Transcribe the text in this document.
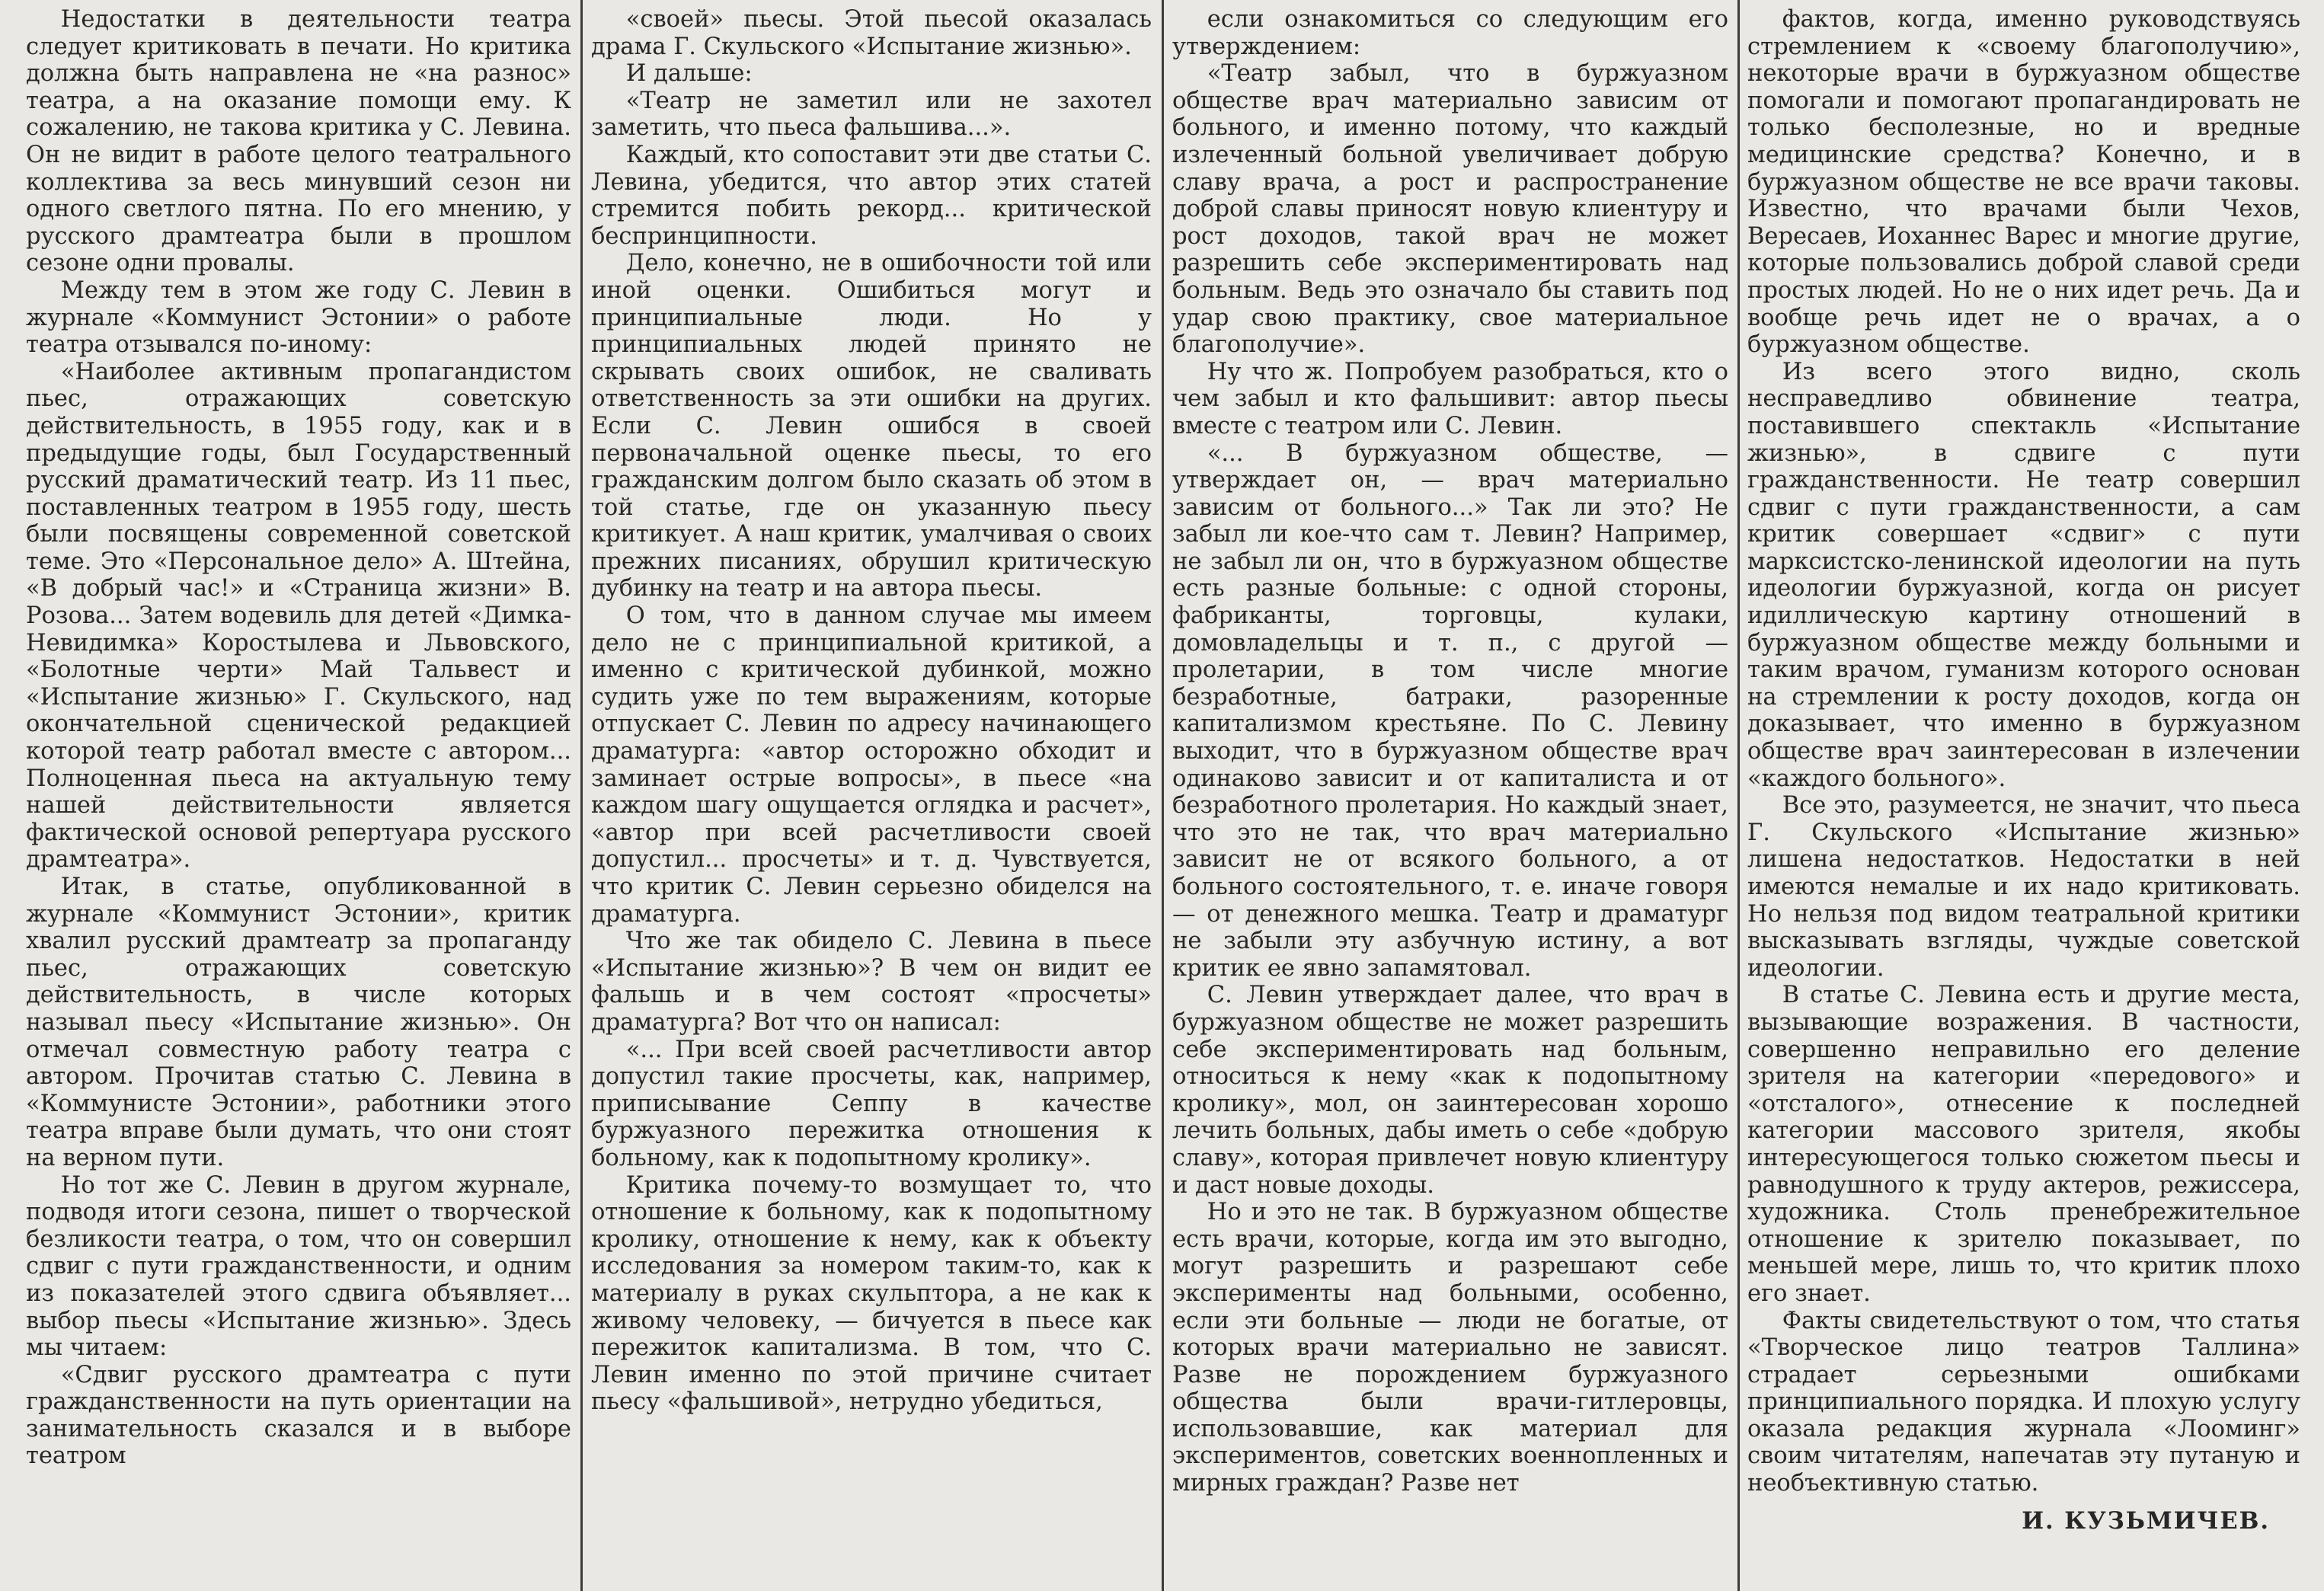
Недостатки в деятельности театра следует критиковать в печати. Но критика должна быть направлена не «на разнос» театра, а на оказание помощи ему. К сожалению, не такова критика у С. Левина. Он не видит в работе целого театрального коллектива за весь минувший сезон ни одного светлого пятна. По его мнению, у русского драмтеатра были в прошлом сезоне одни провалы.

Между тем в этом же году С. Левин в журнале «Коммунист Эстонии» о работе театра отзывался по-иному:

«Наиболее активным пропагандистом пьес, отражающих советскую действительность, в 1955 году, как и в предыдущие годы, был Государственный русский драматический театр. Из 11 пьес, поставленных театром в 1955 году, шесть были посвящены современной советской теме. Это «Персональное дело» А. Штейна, «В добрый час!» и «Страница жизни» В. Розова... Затем водевиль для детей «Димка-Невидимка» Коростылева и Львовского, «Болотные черти» Май Тальвест и «Испытание жизнью» Г. Скульского, над окончательной сценической редакцией которой театр работал вместе с автором... Полноценная пьеса на актуальную тему нашей действительности является фактической основой репертуара русского драмтеатра».

Итак, в статье, опубликованной в журнале «Коммунист Эстонии», критик хвалил русский драмтеатр за пропаганду пьес, отражающих советскую действительность, в числе которых называл пьесу «Испытание жизнью». Он отмечал совместную работу театра с автором. Прочитав статью С. Левина в «Коммунисте Эстонии», работники этого театра вправе были думать, что они стоят на верном пути.

Но тот же С. Левин в другом журнале, подводя итоги сезона, пишет о творческой безликости театра, о том, что он совершил сдвиг с пути гражданственности, и одним из показателей этого сдвига объявляет... выбор пьесы «Испытание жизнью». Здесь мы читаем:

«Сдвиг русского драмтеатра с пути гражданственности на путь ориентации на занимательность сказался и в выборе театром

«своей» пьесы. Этой пьесой оказалась драма Г. Скульского «Испытание жизнью».

И дальше:

«Театр не заметил или не захотел заметить, что пьеса фальшива...».

Каждый, кто сопоставит эти две статьи С. Левина, убедится, что автор этих статей стремится побить рекорд... критической беспринципности.

Дело, конечно, не в ошибочности той или иной оценки. Ошибиться могут и принципиальные люди. Но у принципиальных людей принято не скрывать своих ошибок, не сваливать ответственность за эти ошибки на других. Если С. Левин ошибся в своей первоначальной оценке пьесы, то его гражданским долгом было сказать об этом в той статье, где он указанную пьесу критикует. А наш критик, умалчивая о своих прежних писаниях, обрушил критическую дубинку на театр и на автора пьесы.

О том, что в данном случае мы имеем дело не с принципиальной критикой, а именно с критической дубинкой, можно судить уже по тем выражениям, которые отпускает С. Левин по адресу начинающего драматурга: «автор осторожно обходит и заминает острые вопросы», в пьесе «на каждом шагу ощущается оглядка и расчет», «автор при всей расчетливости своей допустил... просчеты» и т. д. Чувствуется, что критик С. Левин серьезно обиделся на драматурга.

Что же так обидело С. Левина в пьесе «Испытание жизнью»? В чем он видит ее фальшь и в чем состоят «просчеты» драматурга? Вот что он написал:

«... При всей своей расчетливости автор допустил такие просчеты, как, например, приписывание Сеппу в качестве буржуазного пережитка отношения к больному, как к подопытному кролику».

Критика почему-то возмущает то, что отношение к больному, как к подопытному кролику, отношение к нему, как к объекту исследования за номером таким-то, как к материалу в руках скульптора, а не как к живому человеку, — бичуется в пьесе как пережиток капитализма. В том, что С. Левин именно по этой причине считает пьесу «фальшивой», нетрудно убедиться,

если ознакомиться со следующим его утверждением:

«Театр забыл, что в буржуазном обществе врач материально зависим от больного, и именно потому, что каждый излеченный больной увеличивает добрую славу врача, а рост и распространение доброй славы приносят новую клиентуру и рост доходов, такой врач не может разрешить себе экспериментировать над больным. Ведь это означало бы ставить под удар свою практику, свое материальное благополучие».

Ну что ж. Попробуем разобраться, кто о чем забыл и кто фальшивит: автор пьесы вместе с театром или С. Левин.

«... В буржуазном обществе, — утверждает он, — врач материально зависим от больного...» Так ли это? Не забыл ли кое-что сам т. Левин? Например, не забыл ли он, что в буржуазном обществе есть разные больные: с одной стороны, фабриканты, торговцы, кулаки, домовладельцы и т. п., с другой — пролетарии, в том числе многие безработные, батраки, разоренные капитализмом крестьяне. По С. Левину выходит, что в буржуазном обществе врач одинаково зависит и от капиталиста и от безработного пролетария. Но каждый знает, что это не так, что врач материально зависит не от всякого больного, а от больного состоятельного, т. е. иначе говоря — от денежного мешка. Театр и драматург не забыли эту азбучную истину, а вот критик ее явно запамятовал.

С. Левин утверждает далее, что врач в буржуазном обществе не может разрешить себе экспериментировать над больным, относиться к нему «как к подопытному кролику», мол, он заинтересован хорошо лечить больных, дабы иметь о себе «добрую славу», которая привлечет новую клиентуру и даст новые доходы.

Но и это не так. В буржуазном обществе есть врачи, которые, когда им это выгодно, могут разрешить и разрешают себе эксперименты над больными, особенно, если эти больные — люди не богатые, от которых врачи материально не зависят. Разве не порождением буржуазного общества были врачи-гитлеровцы, использовавшие, как материал для экспериментов, советских военнопленных и мирных граждан? Разве нет

фактов, когда, именно руководствуясь стремлением к «своему благополучию», некоторые врачи в буржуазном обществе помогали и помогают пропагандировать не только бесполезные, но и вредные медицинские средства? Конечно, и в буржуазном обществе не все врачи таковы. Известно, что врачами были Чехов, Вересаев, Иоханнес Варес и многие другие, которые пользовались доброй славой среди простых людей. Но не о них идет речь. Да и вообще речь идет не о врачах, а о буржуазном обществе.

Из всего этого видно, сколь несправедливо обвинение театра, поставившего спектакль «Испытание жизнью», в сдвиге с пути гражданственности. Не театр совершил сдвиг с пути гражданственности, а сам критик совершает «сдвиг» с пути марксистско-ленинской идеологии на путь идеологии буржуазной, когда он рисует идиллическую картину отношений в буржуазном обществе между больными и таким врачом, гуманизм которого основан на стремлении к росту доходов, когда он доказывает, что именно в буржуазном обществе врач заинтересован в излечении «каждого больного».

Все это, разумеется, не значит, что пьеса Г. Скульского «Испытание жизнью» лишена недостатков. Недостатки в ней имеются немалые и их надо критиковать. Но нельзя под видом театральной критики высказывать взгляды, чуждые советской идеологии.

В статье С. Левина есть и другие места, вызывающие возражения. В частности, совершенно неправильно его деление зрителя на категории «передового» и «отсталого», отнесение к последней категории массового зрителя, якобы интересующегося только сюжетом пьесы и равнодушного к труду актеров, режиссера, художника. Столь пренебрежительное отношение к зрителю показывает, по меньшей мере, лишь то, что критик плохо его знает.

Факты свидетельствуют о том, что статья «Творческое лицо театров Таллина» страдает серьезными ошибками принципиального порядка. И плохую услугу оказала редакция журнала «Лооминг» своим читателям, напечатав эту путаную и необъективную статью.

И. КУЗЬМИЧЕВ.
